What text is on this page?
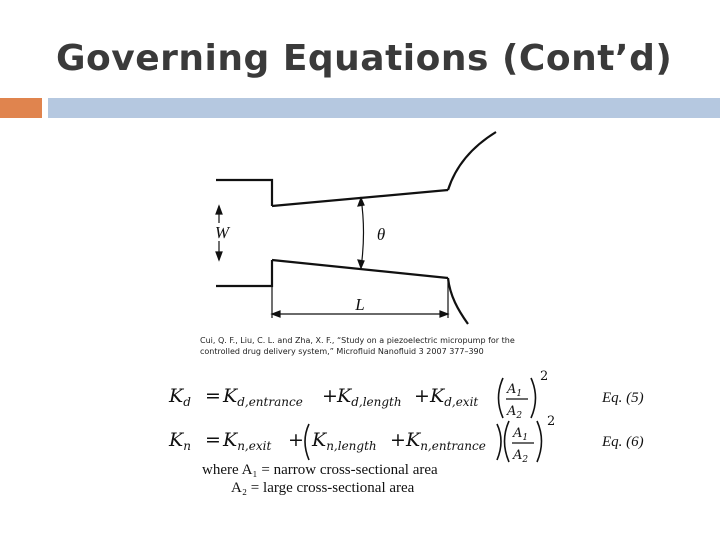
Governing Equations (Cont’d)
W	θ
L
Cui, Q. F., Liu, C. L. and Zha, X. F., “Study on a piezoelectric micropump for the
controlled drug delivery system,” Microfluid Nanofluid 3 2007 377–390
$K_d = K_{d,entrance} + K_{d,length} + K_{d,exit}$
$A_1$
$A_2$
2
Eq. (5)
$K_n = K_{n,exit} + K_{n,length} + K_{n,entrance}$
$A_1$
$A_2$
2
Eq. (6)
where A₁ = narrow cross-sectional area
A₂ = large cross-sectional area
